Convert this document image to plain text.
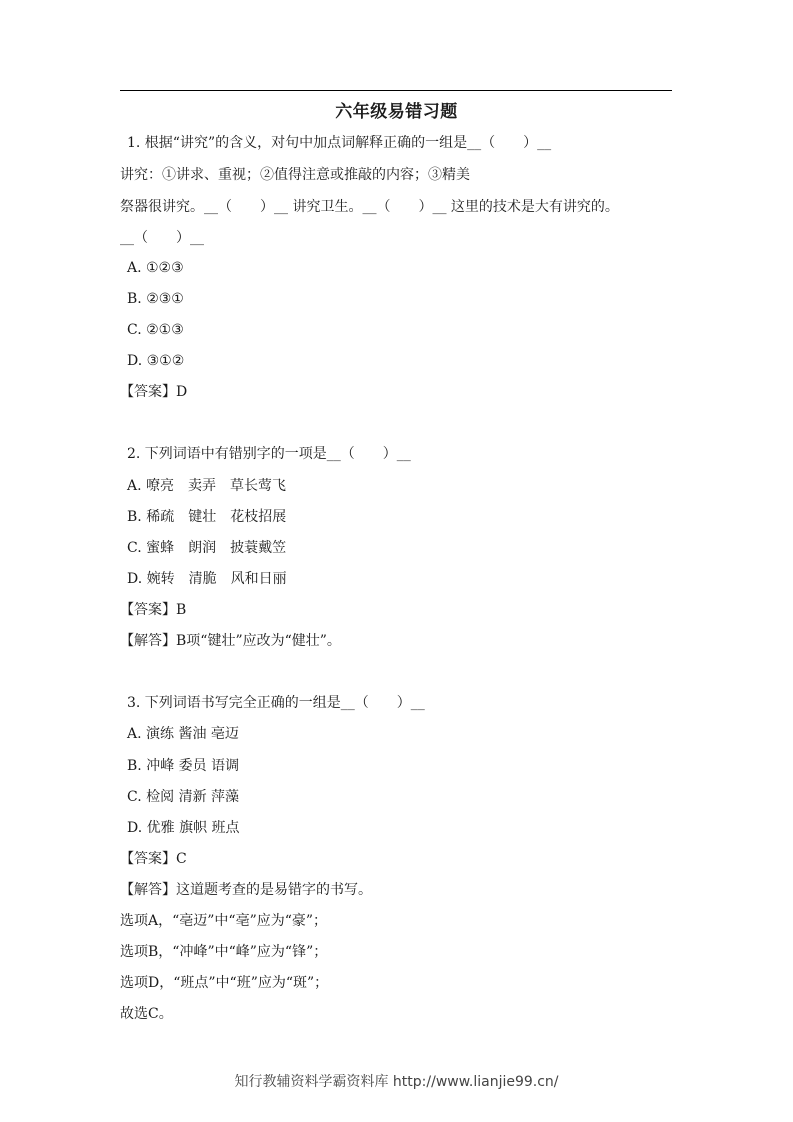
六年级易错习题
1. 根据“讲究”的含义，对句中加点词解释正确的一组是__（　　）__
讲究：①讲求、重视；②值得注意或推敲的内容；③精美
祭器很讲究。__（　　）__ 讲究卫生。__（　　）__ 这里的技术是大有讲究的。
__（　　）__
A. ①②③
B. ②③①
C. ②①③
D. ③①②
【答案】D
2. 下列词语中有错别字的一项是__（　　）__
A. 嘹亮　卖弄　草长莺飞
B. 稀疏　键壮　花枝招展
C. 蜜蜂　朗润　披蓑戴笠
D. 婉转　清脆　风和日丽
【答案】B
【解答】B项“键壮”应改为“健壮”。
3. 下列词语书写完全正确的一组是__（　　）__
A. 演练 酱油 亳迈
B. 冲峰 委员 语调
C. 检阅 清新 萍藻
D. 优雅 旗帜 班点
【答案】C
【解答】这道题考查的是易错字的书写。
选项A，“亳迈”中“亳”应为“豪”；
选项B，“冲峰”中“峰”应为“锋”；
选项D，“班点”中“班”应为“斑”；
故选C。
知行教辅资料学霸资料库 http://www.lianjie99.cn/
